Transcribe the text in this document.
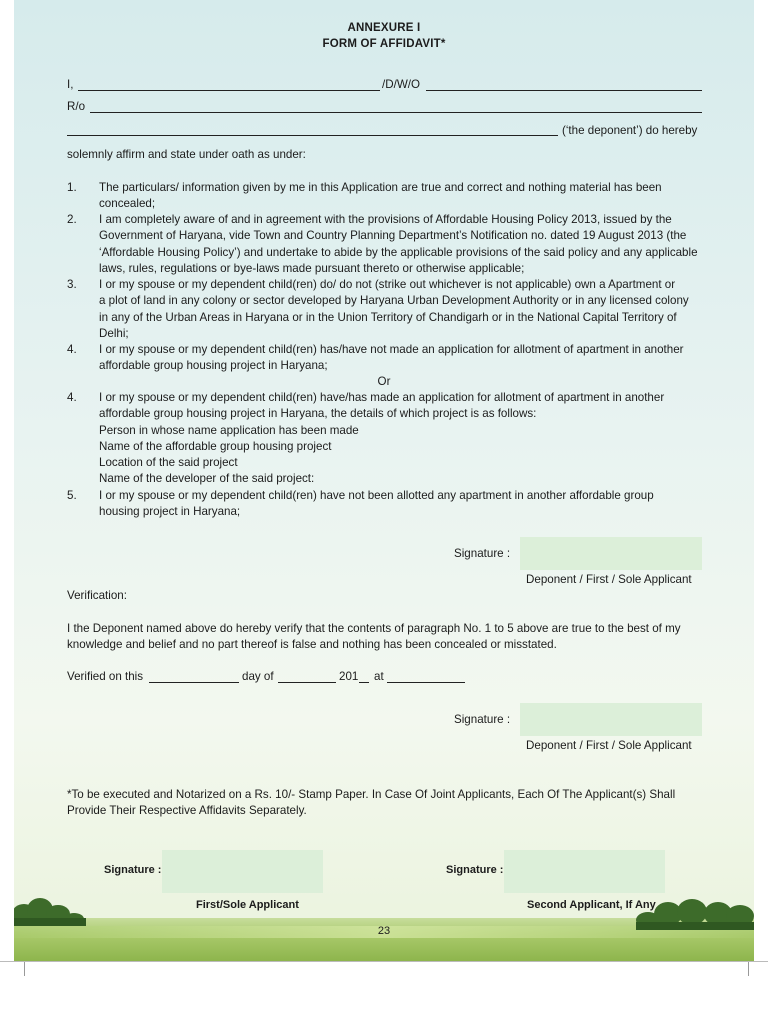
ANNEXURE I
FORM OF AFFIDAVIT*
I,	/D/W/O
R/o
(‘the deponent’) do hereby
solemnly affirm and state under oath as under:
1. The particulars/ information given by me in this Application are true and correct and nothing material has been
concealed;
2. I am completely aware of and in agreement with the provisions of Affordable Housing Policy 2013, issued by the
Government of Haryana, vide Town and Country Planning Department’s Notification no. dated 19 August 2013 (the
‘Affordable Housing Policy’) and undertake to abide by the applicable provisions of the said policy and any applicable
laws, rules, regulations or bye-laws made pursuant thereto or otherwise applicable;
3. I or my spouse or my dependent child(ren) do/ do not (strike out whichever is not applicable) own a Apartment or
a plot of land in any colony or sector developed by Haryana Urban Development Authority or in any licensed colony
in any of the Urban Areas in Haryana or in the Union Territory of Chandigarh or in the National Capital Territory of
Delhi;
4. I or my spouse or my dependent child(ren) has/have not made an application for allotment of apartment in another
affordable group housing project in Haryana;
Or
4. I or my spouse or my dependent child(ren) have/has made an application for allotment of apartment in another
affordable group housing project in Haryana, the details of which project is as follows:
Person in whose name application has been made
Name of the affordable group housing project
Location of the said project
Name of the developer of the said project:
5. I or my spouse or my dependent child(ren) have not been allotted any apartment in another affordable group
housing project in Haryana;
Signature :
Deponent / First / Sole Applicant
Verification:
I the Deponent named above do hereby verify that the contents of paragraph No. 1 to 5 above are true to the best of my
knowledge and belief and no part thereof is false and nothing has been concealed or misstated.
Verified on this	day of	201 at
Signature :
Deponent / First / Sole Applicant
*To be executed and Notarized on a Rs. 10/- Stamp Paper. In Case Of Joint Applicants, Each Of The Applicant(s) Shall
Provide Their Respective Affidavits Separately.
Signature :
First/Sole Applicant
Signature :
Second Applicant, If Any
23
